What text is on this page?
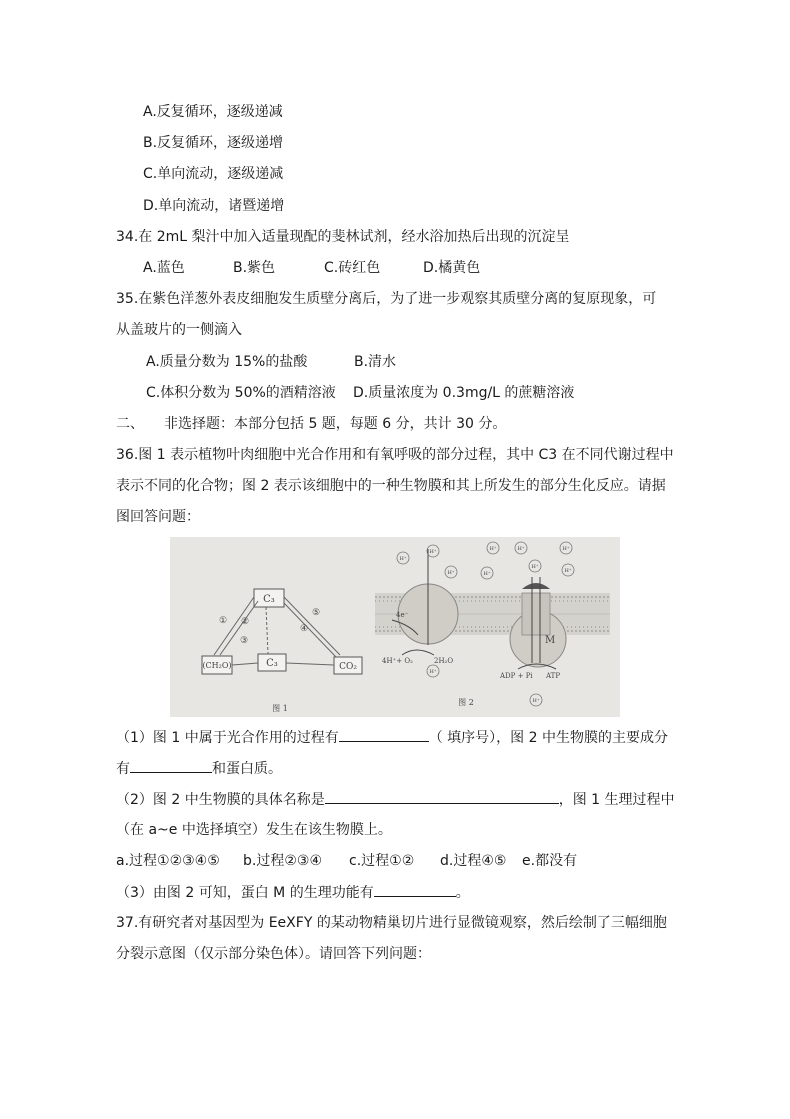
A.反复循环，逐级递减
B.反复循环，逐级递增
C.单向流动，逐级递减
D.单向流动，诸暨递增
34.在 2mL 梨汁中加入适量现配的斐林试剂，经水浴加热后出现的沉淀呈
A.蓝色	B.紫色	C.砖红色	D.橘黄色
35.在紫色洋葱外表皮细胞发生质壁分离后，为了进一步观察其质壁分离的复原现象，可
从盖玻片的一侧滴入
A.质量分数为 15%的盐酸	B.清水
C.体积分数为 50%的酒精溶液 D.质量浓度为 0.3mg/L 的蔗糖溶液
二、 非选择题：本部分包括 5 题，每题 6 分，共计 30 分。
36.图 1 表示植物叶肉细胞中光合作用和有氧呼吸的部分过程，其中 C3 在不同代谢过程中
表示不同的化合物；图 2 表示该细胞中的一种生物膜和其上所发生的部分生化反应。请据
图回答问题：
C₃
C₃
(CH₂O)	CO₂
① ②
③
④
⑤
图 1
M
4e⁻
4H⁺+ O₂	2H₂O
ADP + Pi ATP
H⁺
H⁺	H⁺
H⁺	H⁺
H⁺	H⁺
H⁺
H⁺
H⁺
H⁺
图 2
（1）图 1 中属于光合作用的过程有	（ 填序号），图 2 中生物膜的主要成分
有	和蛋白质。
（2）图 2 中生物膜的具体名称是	，图 1 生理过程中
（在 a~e 中选择填空）发生在该生物膜上。
a.过程①②③④⑤ b.过程②③④ c.过程①② d.过程④⑤ e.都没有
（3）由图 2 可知，蛋白 M 的生理功能有	。
37.有研究者对基因型为 EeXFY 的某动物精巢切片进行显微镜观察，然后绘制了三幅细胞
分裂示意图（仅示部分染色体）。请回答下列问题：
